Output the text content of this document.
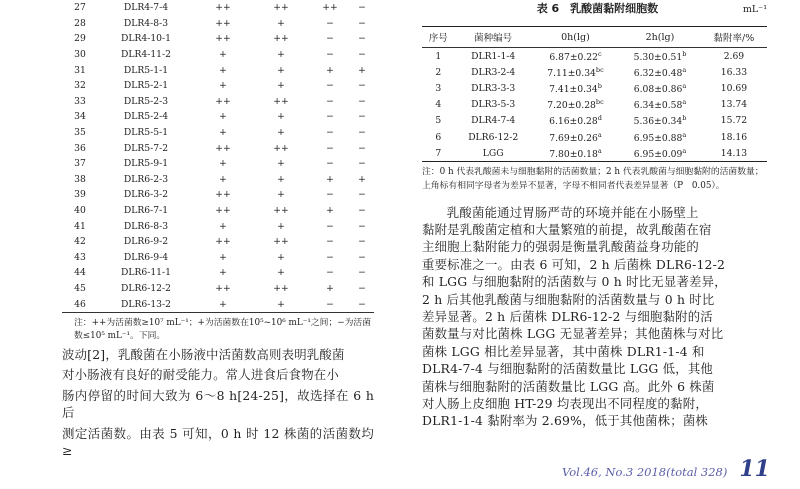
27	DLR4-7-4	++	++	++	−
28	DLR4-8-3	++	+	−	−
29	DLR4-10-1	++	++	−	−
30	DLR4-11-2	+	+	−	−
31	DLR5-1-1	+	+	+	+
32	DLR5-2-1	+	+	−	−
33	DLR5-2-3	++	++	−	−
34	DLR5-2-4	+	+	−	−
35	DLR5-5-1	+	+	−	−
36	DLR5-7-2	++	++	−	−
37	DLR5-9-1	+	+	−	−
38	DLR6-2-3	+	+	+	+
39	DLR6-3-2	++	+	−	−
40	DLR6-7-1	++	++	+	−
41	DLR6-8-3	+	+	−	−
42	DLR6-9-2	++	++	−	−
43	DLR6-9-4	+	+	−	−
44	DLR6-11-1	+	+	−	−
45	DLR6-12-2	++	++	+	−
46	DLR6-13-2	+	+	−	−
注：++为活菌数≥10⁷ mL⁻¹；+为活菌数在10⁵~10⁶ mL⁻¹之间；−为活菌
数≤10⁵ mL⁻¹。下同。
波动[2]，乳酸菌在小肠液中活菌数高则表明乳酸菌
对小肠液有良好的耐受能力。常人进食后食物在小
肠内停留的时间大致为 6～8 h[24-25]，故选择在 6 h 后
测定活菌数。由表 5 可知，0 h 时 12 株菌的活菌数均≥
表 6　乳酸菌黏附细胞数	mL⁻¹
序号	菌种编号	0h(lg)	2h(lg)	黏附率/%
1	DLR1-1-4	6.87±0.22$^c$	5.30±0.51$^b$	2.69
2	DLR3-2-4	7.11±0.34$^{bc}$	6.32±0.48$^a$	16.33
3	DLR3-3-3	7.41±0.34$^b$	6.08±0.86$^a$	10.69
4	DLR3-5-3	7.20±0.28$^{bc}$	6.34±0.58$^a$	13.74
5	DLR4-7-4	6.16±0.28$^d$	5.36±0.34$^b$	15.72
6	DLR6-12-2	7.69±0.26$^a$	6.95±0.88$^a$	18.16
7	LGG	7.80±0.18$^a$	6.95±0.09$^a$	14.13
注：0 h 代表乳酸菌未与细胞黏附的活菌数量；2 h 代表乳酸菌与细胞黏附的活菌数量；上角标有相同字母者为差异不显著，字母不相同者代表差异显著（P　0.05）。
乳酸菌能通过胃肠严苛的环境并能在小肠壁上
黏附是乳酸菌定植和大量繁殖的前提，故乳酸菌在宿
主细胞上黏附能力的强弱是衡量乳酸菌益身功能的
重要标准之一。由表 6 可知，2 h 后菌株 DLR6-12-2
和 LGG 与细胞黏附的活菌数与 0 h 时比无显著差异，
2 h 后其他乳酸菌与细胞黏附的活菌数量与 0 h 时比
差异显著。2 h 后菌株 DLR6-12-2 与细胞黏附的活
菌数量与对比菌株 LGG 无显著差异；其他菌株与对比
菌株 LGG 相比差异显著，其中菌株 DLR1-1-4 和
DLR4-7-4 与细胞黏附的活菌数量比 LGG 低，其他
菌株与细胞黏附的活菌数量比 LGG 高。此外 6 株菌
对人肠上皮细胞 HT-29 均表现出不同程度的黏附，
DLR1-1-4 黏附率为 2.69%，低于其他菌株；菌株
Vol.46, No.3 2018(total 328) 11
